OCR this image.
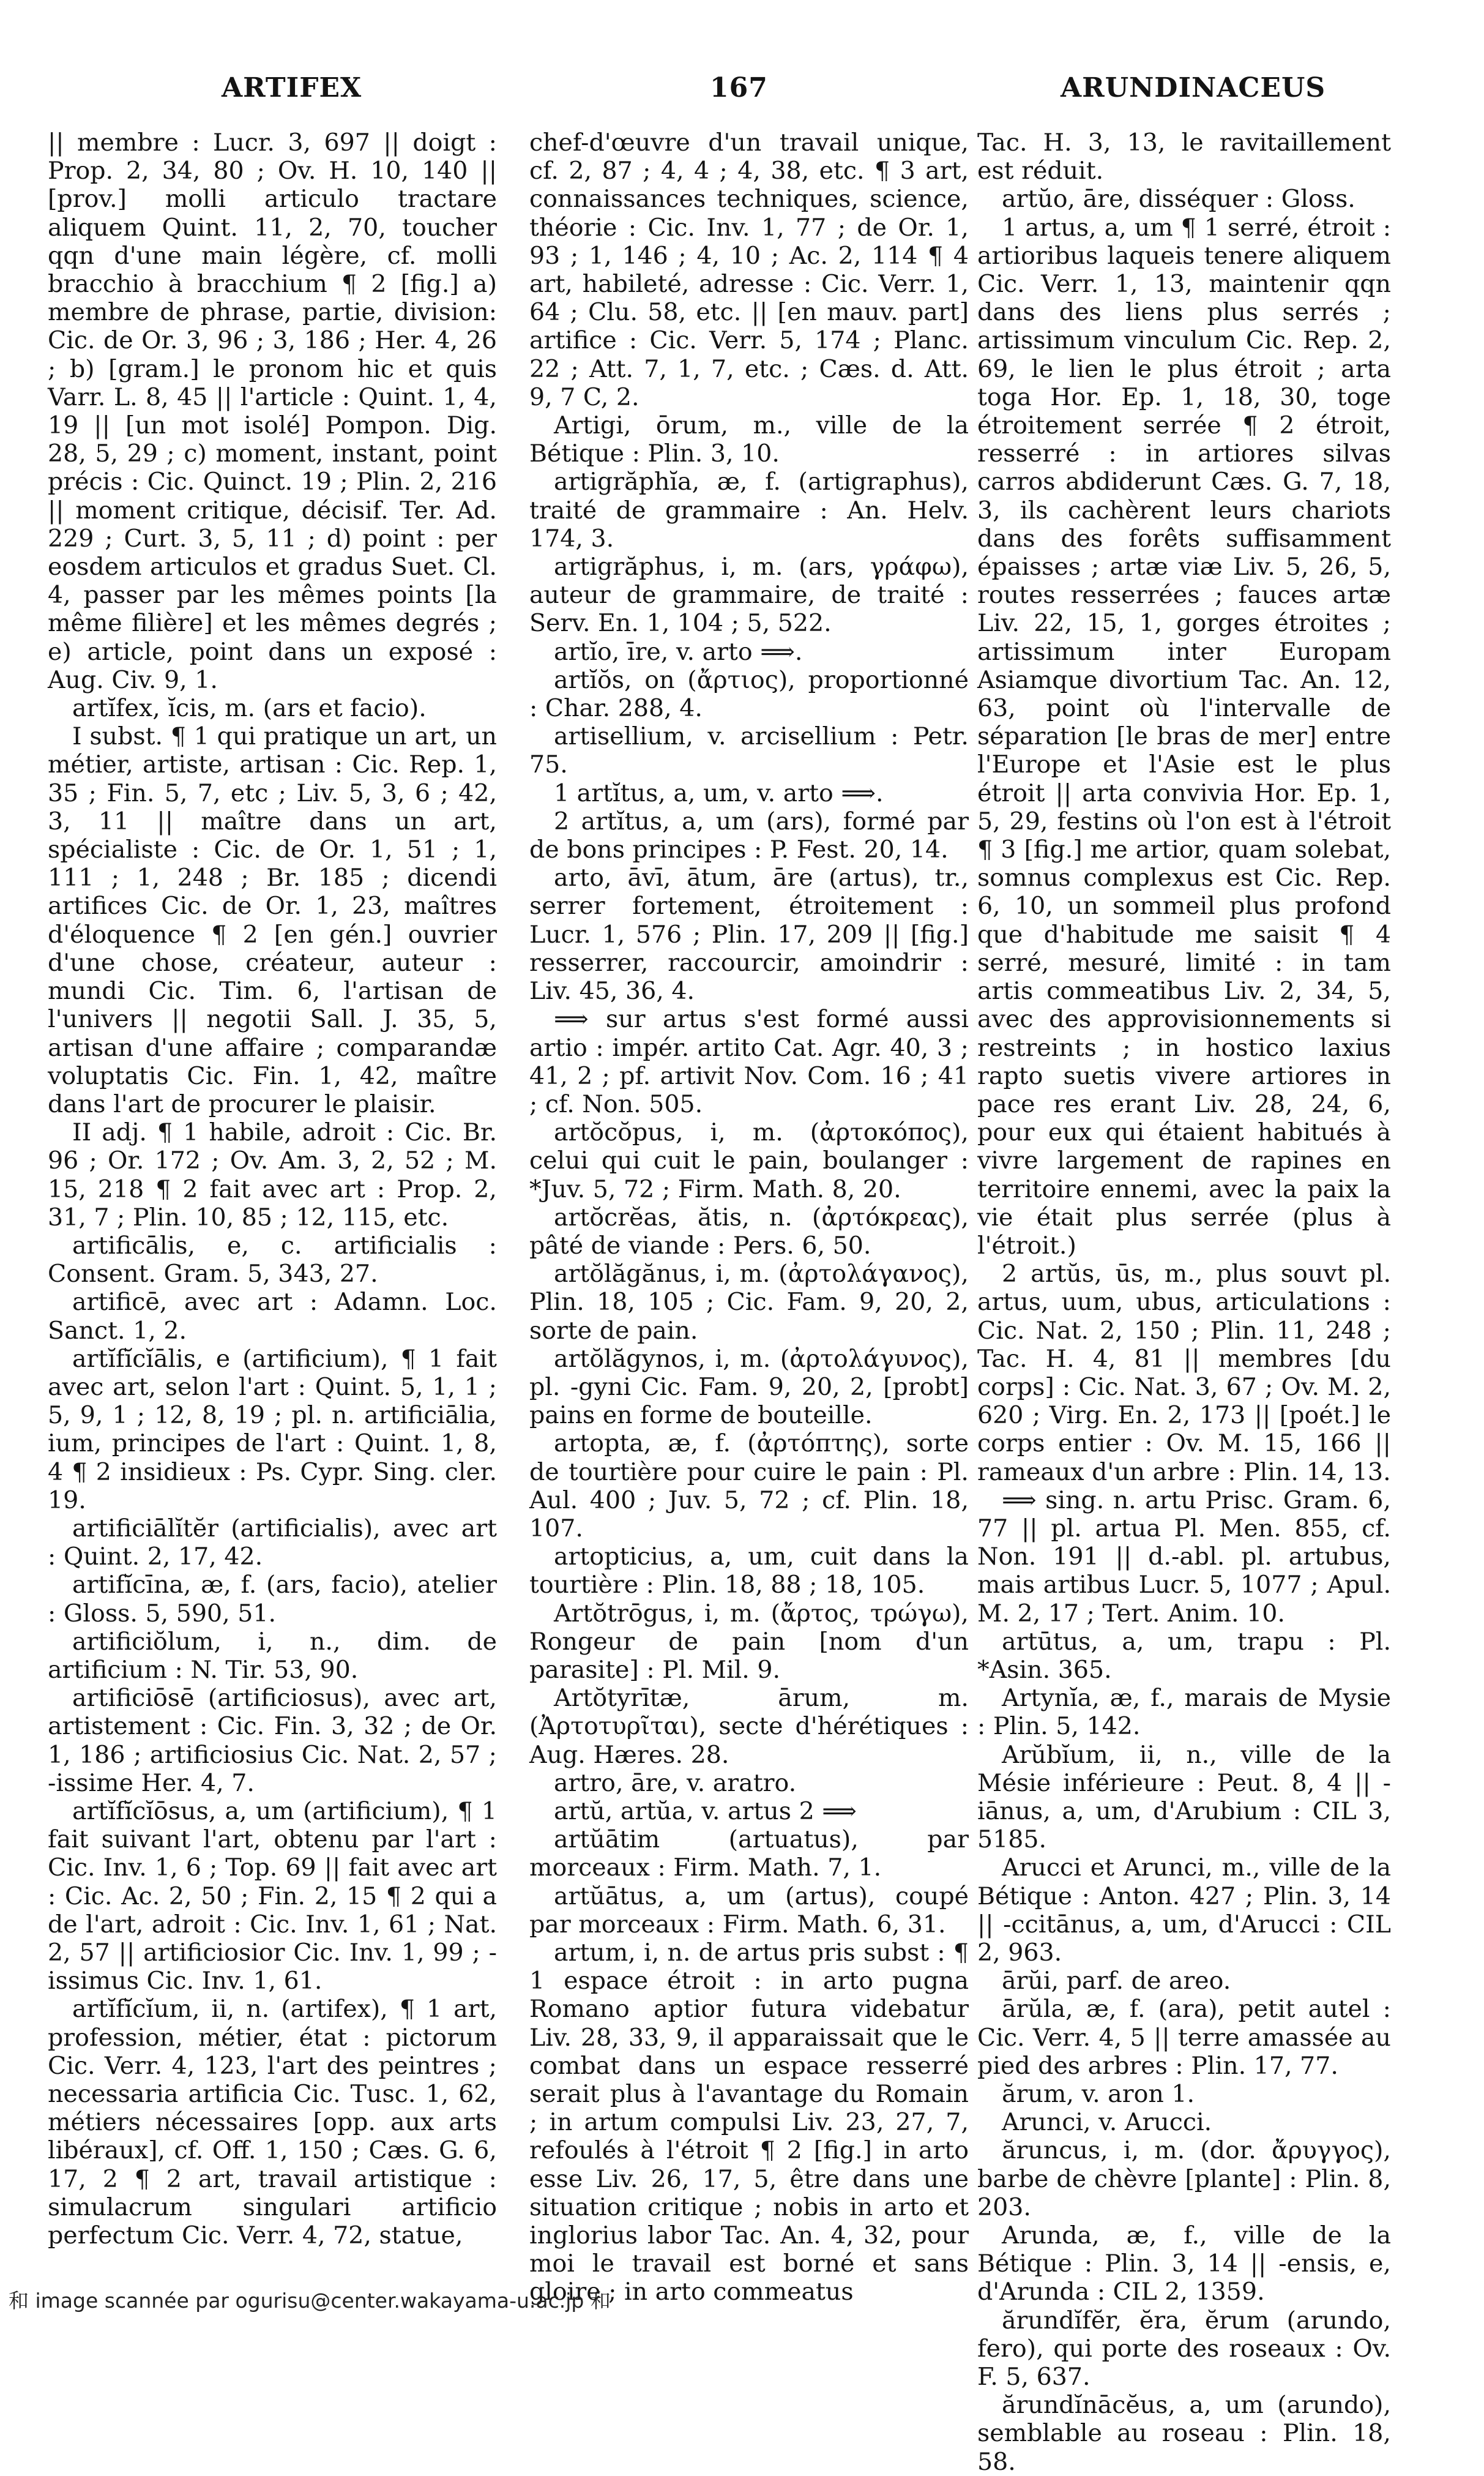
ARTIFEX	167	ARUNDINACEUS

|| membre : Lucr. 3, 697 || doigt : Prop. 2, 34, 80 ; Ov. H. 10, 140 || [prov.] molli articulo tractare aliquem Quint. 11, 2, 70, toucher qqn d'une main légère, cf. molli bracchio à bracchium ¶ 2 [fig.] a) membre de phrase, partie, division: Cic. de Or. 3, 96 ; 3, 186 ; Her. 4, 26 ; b) [gram.] le pronom hic et quis Varr. L. 8, 45 || l'article : Quint. 1, 4, 19 || [un mot isolé] Pompon. Dig. 28, 5, 29 ; c) moment, instant, point précis : Cic. Quinct. 19 ; Plin. 2, 216 || moment critique, décisif. Ter. Ad. 229 ; Curt. 3, 5, 11 ; d) point : per eosdem articulos et gradus Suet. Cl. 4, passer par les mêmes points [la même filière] et les mêmes degrés ; e) article, point dans un exposé : Aug. Civ. 9, 1.

artĭfex, ĭcis, m. (ars et facio).

I subst. ¶ 1 qui pratique un art, un métier, artiste, artisan : Cic. Rep. 1, 35 ; Fin. 5, 7, etc ; Liv. 5, 3, 6 ; 42, 3, 11 || maître dans un art, spécialiste : Cic. de Or. 1, 51 ; 1, 111 ; 1, 248 ; Br. 185 ; dicendi artifices Cic. de Or. 1, 23, maîtres d'éloquence ¶ 2 [en gén.] ouvrier d'une chose, créateur, auteur : mundi Cic. Tim. 6, l'artisan de l'univers || negotii Sall. J. 35, 5, artisan d'une affaire ; comparandæ voluptatis Cic. Fin. 1, 42, maître dans l'art de procurer le plaisir.

II adj. ¶ 1 habile, adroit : Cic. Br. 96 ; Or. 172 ; Ov. Am. 3, 2, 52 ; M. 15, 218 ¶ 2 fait avec art : Prop. 2, 31, 7 ; Plin. 10, 85 ; 12, 115, etc.

artificālis, e, c. artificialis : Consent. Gram. 5, 343, 27.

artificē, avec art : Adamn. Loc. Sanct. 1, 2.

artĭfĭcĭālis, e (artificium), ¶ 1 fait avec art, selon l'art : Quint. 5, 1, 1 ; 5, 9, 1 ; 12, 8, 19 ; pl. n. artificiālia, ium, principes de l'art : Quint. 1, 8, 4 ¶ 2 insidieux : Ps. Cypr. Sing. cler. 19.

artificiālĭtĕr (artificialis), avec art : Quint. 2, 17, 42.

artifĭcīna, æ, f. (ars, facio), atelier : Gloss. 5, 590, 51.

artificiŏlum, i, n., dim. de artificium : N. Tir. 53, 90.

artificiōsē (artificiosus), avec art, artistement : Cic. Fin. 3, 32 ; de Or. 1, 186 ; artificiosius Cic. Nat. 2, 57 ; -issime Her. 4, 7.

artĭfĭcĭōsus, a, um (artificium), ¶ 1 fait suivant l'art, obtenu par l'art : Cic. Inv. 1, 6 ; Top. 69 || fait avec art : Cic. Ac. 2, 50 ; Fin. 2, 15 ¶ 2 qui a de l'art, adroit : Cic. Inv. 1, 61 ; Nat. 2, 57 || artificiosior Cic. Inv. 1, 99 ; -issimus Cic. Inv. 1, 61.

artĭfĭcĭum, ii, n. (artifex), ¶ 1 art, profession, métier, état : pictorum Cic. Verr. 4, 123, l'art des peintres ; necessaria artificia Cic. Tusc. 1, 62, métiers nécessaires [opp. aux arts libéraux], cf. Off. 1, 150 ; Cæs. G. 6, 17, 2 ¶ 2 art, travail artistique : simulacrum singulari artificio perfectum Cic. Verr. 4, 72, statue,

chef-d'œuvre d'un travail unique, cf. 2, 87 ; 4, 4 ; 4, 38, etc. ¶ 3 art, connaissances techniques, science, théorie : Cic. Inv. 1, 77 ; de Or. 1, 93 ; 1, 146 ; 4, 10 ; Ac. 2, 114 ¶ 4 art, habileté, adresse : Cic. Verr. 1, 64 ; Clu. 58, etc. || [en mauv. part] artifice : Cic. Verr. 5, 174 ; Planc. 22 ; Att. 7, 1, 7, etc. ; Cæs. d. Att. 9, 7 C, 2.

Artigi, ōrum, m., ville de la Bétique : Plin. 3, 10.

artigrăphĭa, æ, f. (artigraphus), traité de grammaire : An. Helv. 174, 3.

artigrăphus, i, m. (ars, γράφω), auteur de grammaire, de traité : Serv. En. 1, 104 ; 5, 522.

artĭo, īre, v. arto ⟹.

artĭŏs, on (ἄρτιος), proportionné : Char. 288, 4.

artisellium, v. arcisellium : Petr. 75.

1 artĭtus, a, um, v. arto ⟹.

2 artĭtus, a, um (ars), formé par de bons principes : P. Fest. 20, 14.

arto, āvī, ātum, āre (artus), tr., serrer fortement, étroitement : Lucr. 1, 576 ; Plin. 17, 209 || [fig.] resserrer, raccourcir, amoindrir : Liv. 45, 36, 4.

⟹ sur artus s'est formé aussi artio : impér. artito Cat. Agr. 40, 3 ; 41, 2 ; pf. artivit Nov. Com. 16 ; 41 ; cf. Non. 505.

artŏcŏpus, i, m. (ἀρτοκόπος), celui qui cuit le pain, boulanger : *Juv. 5, 72 ; Firm. Math. 8, 20.

artŏcrĕas, ătis, n. (ἀρτόκρεας), pâté de viande : Pers. 6, 50.

artŏlăgănus, i, m. (ἀρτολάγανος), Plin. 18, 105 ; Cic. Fam. 9, 20, 2, sorte de pain.

artŏlăgynos, i, m. (ἀρτολάγυνος), pl. -gyni Cic. Fam. 9, 20, 2, [probt] pains en forme de bouteille.

artopta, æ, f. (ἀρτόπτης), sorte de tourtière pour cuire le pain : Pl. Aul. 400 ; Juv. 5, 72 ; cf. Plin. 18, 107.

artopticius, a, um, cuit dans la tourtière : Plin. 18, 88 ; 18, 105.

Artŏtrōgus, i, m. (ἄρτος, τρώγω), Rongeur de pain [nom d'un parasite] : Pl. Mil. 9.

Artŏtyrītæ, ārum, m. (Ἀρτοτυρῖται), secte d'hérétiques : Aug. Hæres. 28.

artro, āre, v. aratro.

artŭ, artŭa, v. artus 2 ⟹

artŭātim (artuatus), par morceaux : Firm. Math. 7, 1.

artŭātus, a, um (artus), coupé par morceaux : Firm. Math. 6, 31.

artum, i, n. de artus pris subst : ¶ 1 espace étroit : in arto pugna Romano aptior futura videbatur Liv. 28, 33, 9, il apparaissait que le combat dans un espace resserré serait plus à l'avantage du Romain ; in artum compulsi Liv. 23, 27, 7, refoulés à l'étroit ¶ 2 [fig.] in arto esse Liv. 26, 17, 5, être dans une situation critique ; nobis in arto et inglorius labor Tac. An. 4, 32, pour moi le travail est borné et sans gloire ; in arto commeatus

Tac. H. 3, 13, le ravitaillement est réduit.

artŭo, āre, disséquer : Gloss.

1 artus, a, um ¶ 1 serré, étroit : artioribus laqueis tenere aliquem Cic. Verr. 1, 13, maintenir qqn dans des liens plus serrés ; artissimum vinculum Cic. Rep. 2, 69, le lien le plus étroit ; arta toga Hor. Ep. 1, 18, 30, toge étroitement serrée ¶ 2 étroit, resserré : in artiores silvas carros abdiderunt Cæs. G. 7, 18, 3, ils cachèrent leurs chariots dans des forêts suffisamment épaisses ; artæ viæ Liv. 5, 26, 5, routes resserrées ; fauces artæ Liv. 22, 15, 1, gorges étroites ; artissimum inter Europam Asiamque divortium Tac. An. 12, 63, point où l'intervalle de séparation [le bras de mer] entre l'Europe et l'Asie est le plus étroit || arta convivia Hor. Ep. 1, 5, 29, festins où l'on est à l'étroit ¶ 3 [fig.] me artior, quam solebat, somnus complexus est Cic. Rep. 6, 10, un sommeil plus profond que d'habitude me saisit ¶ 4 serré, mesuré, limité : in tam artis commeatibus Liv. 2, 34, 5, avec des approvisionnements si restreints ; in hostico laxius rapto suetis vivere artiores in pace res erant Liv. 28, 24, 6, pour eux qui étaient habitués à vivre largement de rapines en territoire ennemi, avec la paix la vie était plus serrée (plus à l'étroit.)

2 artŭs, ūs, m., plus souvt pl. artus, uum, ubus, articulations : Cic. Nat. 2, 150 ; Plin. 11, 248 ; Tac. H. 4, 81 || membres [du corps] : Cic. Nat. 3, 67 ; Ov. M. 2, 620 ; Virg. En. 2, 173 || [poét.] le corps entier : Ov. M. 15, 166 || rameaux d'un arbre : Plin. 14, 13.

⟹ sing. n. artu Prisc. Gram. 6, 77 || pl. artua Pl. Men. 855, cf. Non. 191 || d.-abl. pl. artubus, mais artibus Lucr. 5, 1077 ; Apul. M. 2, 17 ; Tert. Anim. 10.

artūtus, a, um, trapu : Pl. *Asin. 365.

Artynĭa, æ, f., marais de Mysie : Plin. 5, 142.

Arŭbĭum, ii, n., ville de la Mésie inférieure : Peut. 8, 4 || -iānus, a, um, d'Arubium : CIL 3, 5185.

Arucci et Arunci, m., ville de la Bétique : Anton. 427 ; Plin. 3, 14 || -ccitānus, a, um, d'Arucci : CIL 2, 963.

ārŭi, parf. de areo.

ārŭla, æ, f. (ara), petit autel : Cic. Verr. 4, 5 || terre amassée au pied des arbres : Plin. 17, 77.

ărum, v. aron 1.

Arunci, v. Arucci.

ăruncus, i, m. (dor. ἄρυγγος), barbe de chèvre [plante] : Plin. 8, 203.

Arunda, æ, f., ville de la Bétique : Plin. 3, 14 || -ensis, e, d'Arunda : CIL 2, 1359.

ărundĭfĕr, ĕra, ĕrum (arundo, fero), qui porte des roseaux : Ov. F. 5, 637.

ărundĭnācĕus, a, um (arundo), semblable au roseau : Plin. 18, 58.

和 image scannée par ogurisu@center.wakayama-u.ac.jp 和
